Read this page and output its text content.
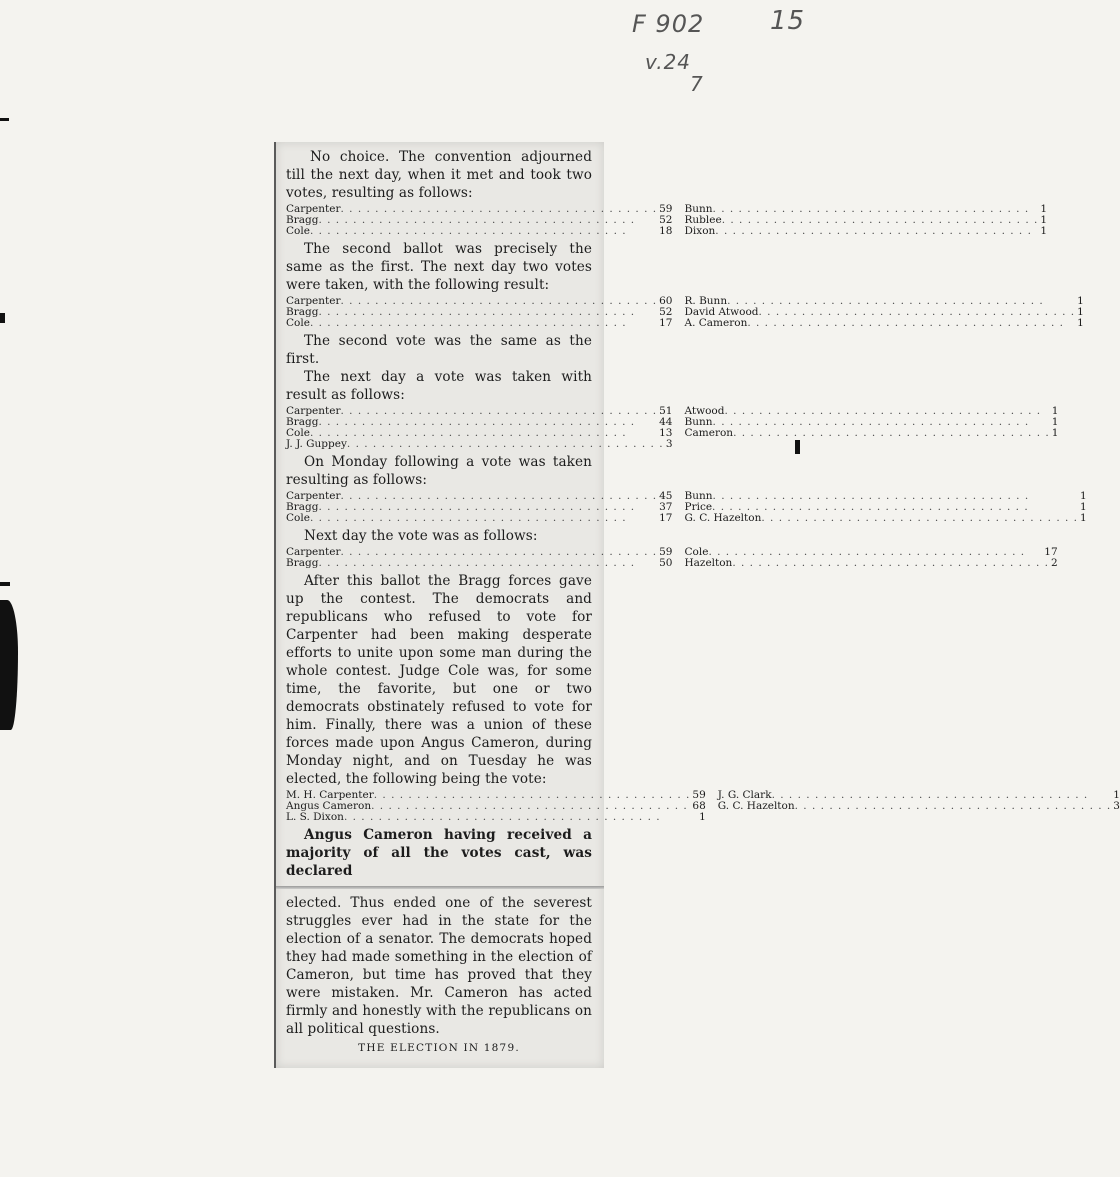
F 902
v.24
7
15

No choice. The convention adjourned till the next day, when it met and took two votes, resulting as follows:

Carpenter . . .	59 Bunn . . .	1
Bragg . . .	52 Rublee . . .	1
Cole . . .	18 Dixon . . .	1

The second ballot was precisely the same as the first. The next day two votes were taken, with the following result:

Carpenter . . .	60 R. Bunn . . .	1
Bragg . . .	52 David Atwood . . .	1
Cole . . .	17 A. Cameron . . .	1

The second vote was the same as the first.

The next day a vote was taken with result as follows:

Carpenter . . .	51 Atwood . . .	1
Bragg . . .	44 Bunn . . .	1
Cole . . .	13 Cameron . . .	1
J. J. Guppey . . .	3

On Monday following a vote was taken resulting as follows:

Carpenter . . .	45 Bunn . . .	1
Bragg . . .	37 Price . . .	1
Cole . . .	17 G. C. Hazelton . . .	1

Next day the vote was as follows:

Carpenter . . .	59 Cole . . .	17
Bragg . . .	50 Hazelton . . .	2

After this ballot the Bragg forces gave up the contest. The democrats and republicans who refused to vote for Carpenter had been making desperate efforts to unite upon some man during the whole contest. Judge Cole was, for some time, the favorite, but one or two democrats obstinately refused to vote for him. Finally, there was a union of these forces made upon Angus Cameron, during Monday night, and on Tuesday he was elected, the following being the vote:

M. H. Carpenter . . .	59 J. G. Clark . . .	1
Angus Cameron . . .	68 G. C. Hazelton . . .	3
L. S. Dixon . . .	1

Angus Cameron having received a majority of all the votes cast, was declared

elected. Thus ended one of the severest struggles ever had in the state for the election of a senator. The democrats hoped they had made something in the election of Cameron, but time has proved that they were mistaken. Mr. Cameron has acted firmly and honestly with the republicans on all political questions.

THE ELECTION IN 1879.
